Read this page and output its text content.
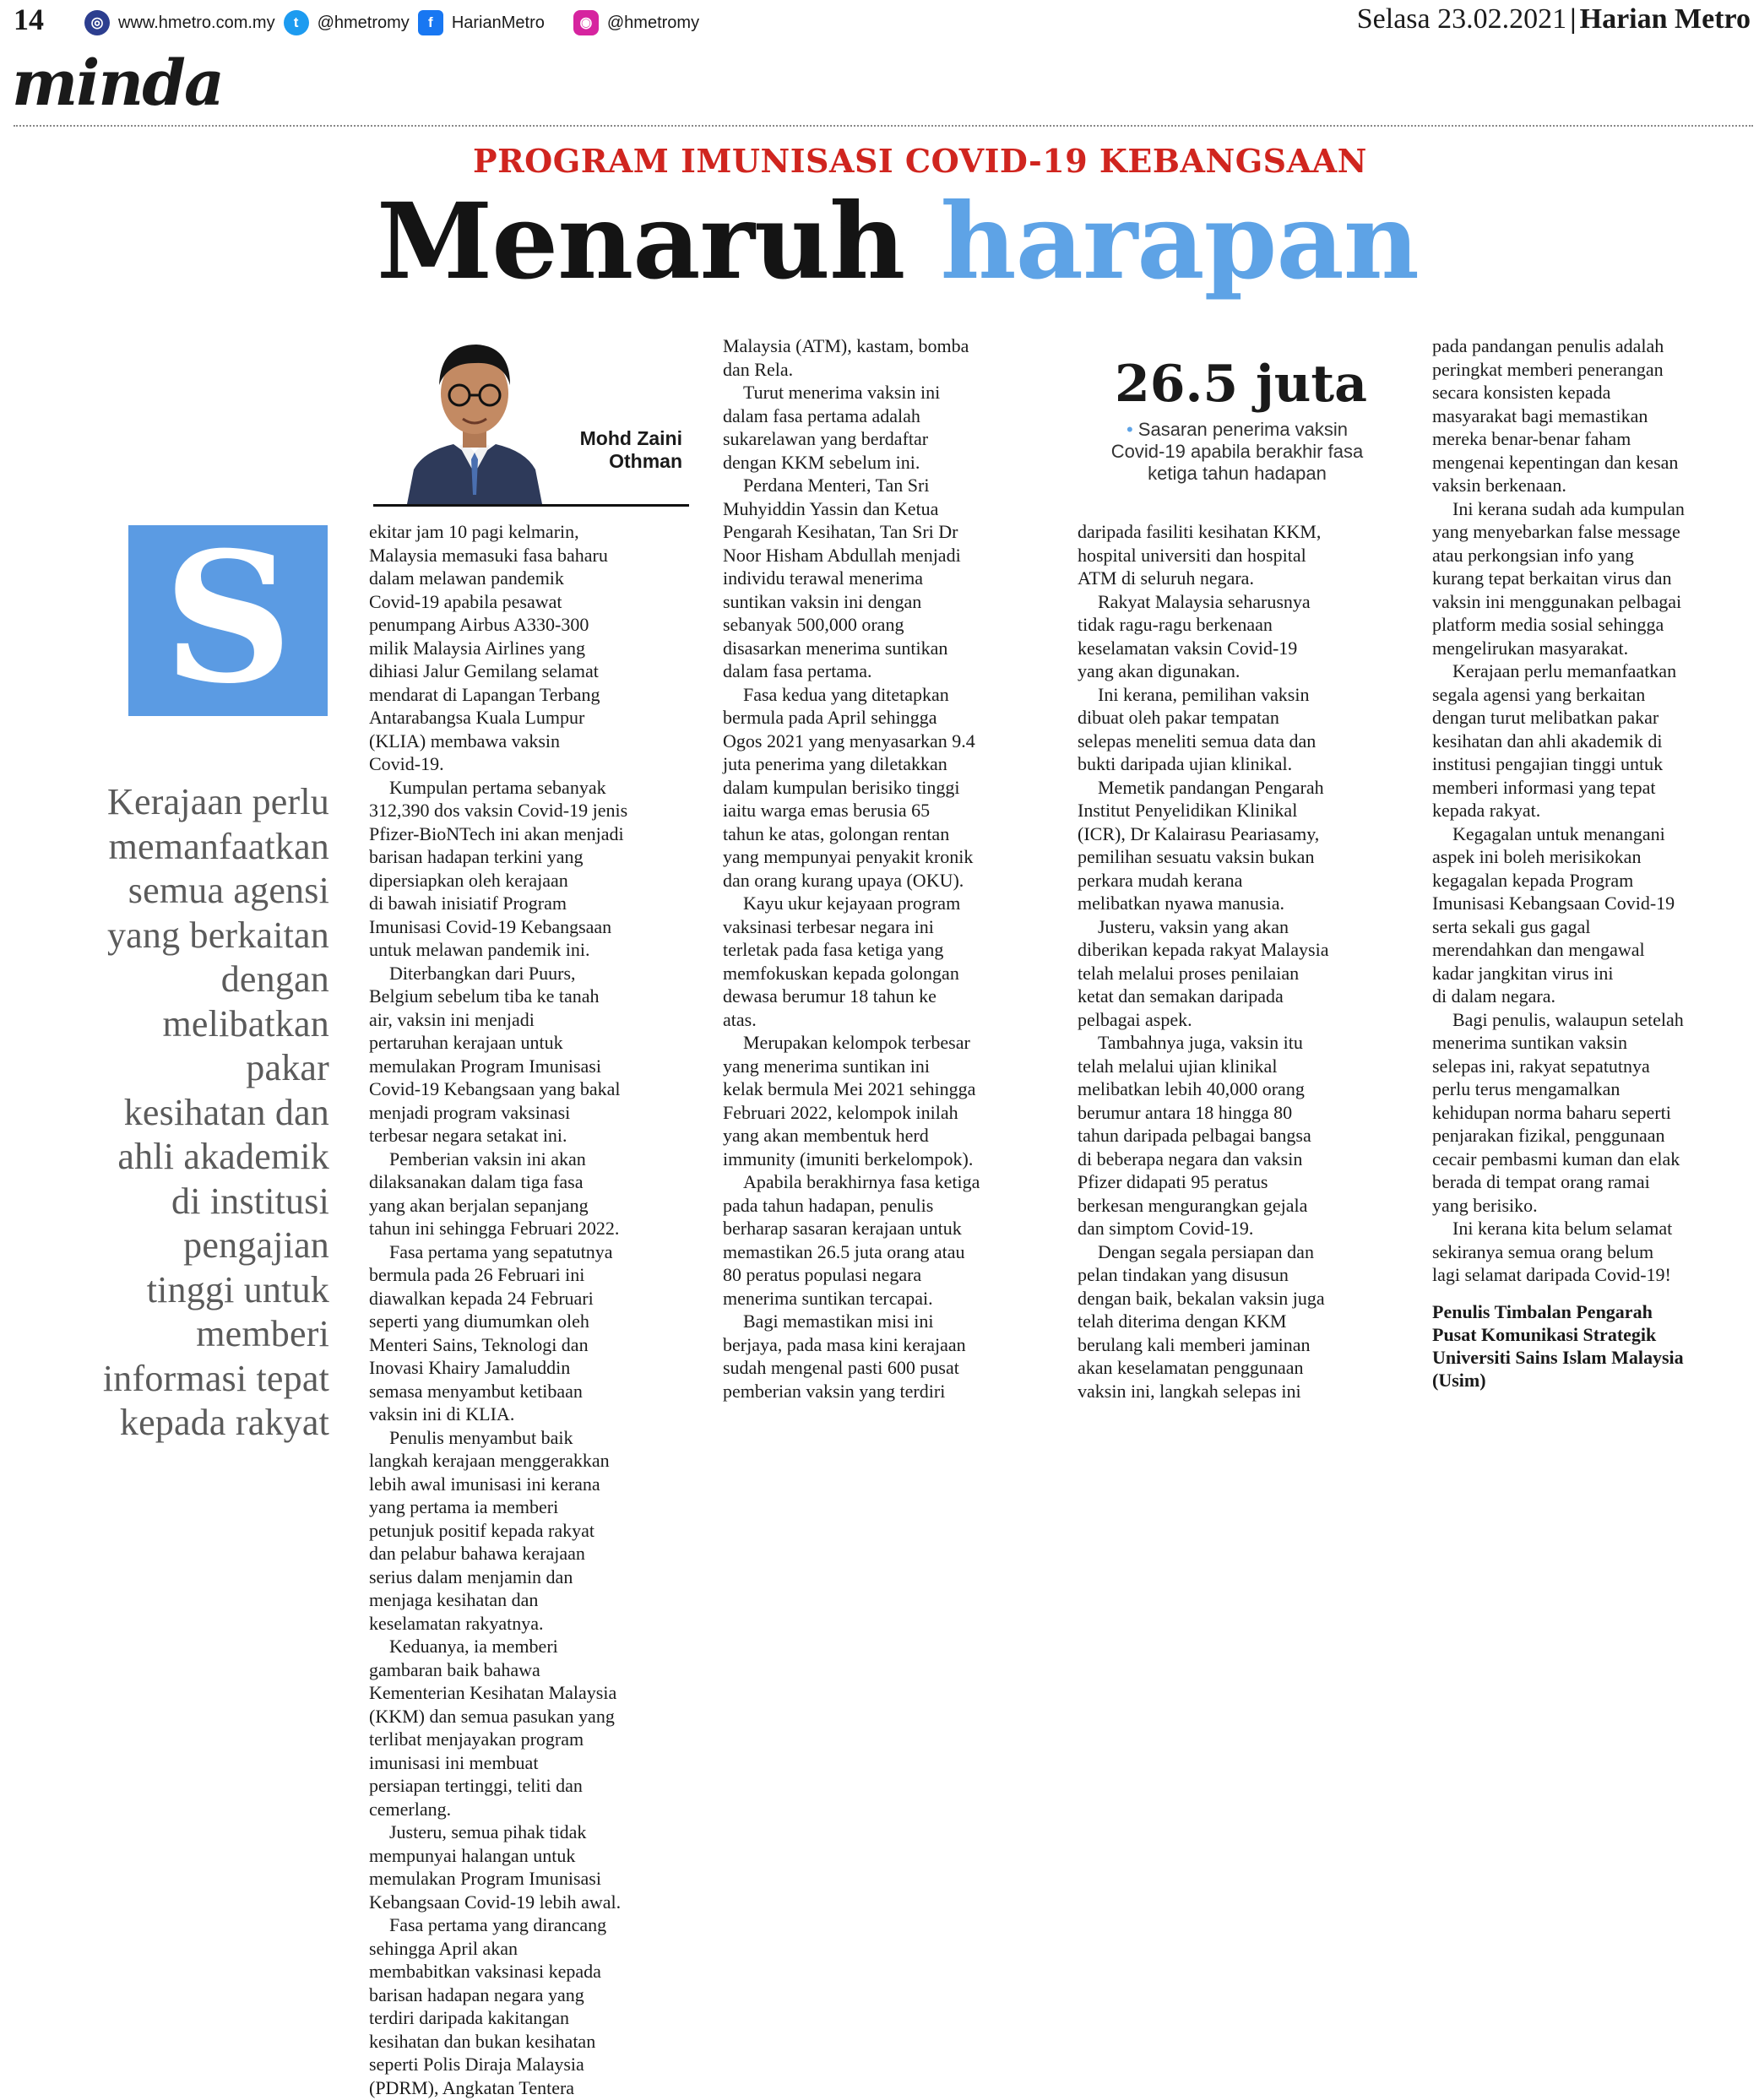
14	◎ www.hmetro.com.my	t	@hmetromy	f	HarianMetro	◉ @hmetromy	Selasa 23.02.2021 | Harian Metro
minda
PROGRAM IMUNISASI COVID-19 KEBANGSAAN
Menaruh harapan
Mohd Zaini
Othman
S
Kerajaan perlu
memanfaatkan
semua agensi
yang berkaitan
dengan
melibatkan
pakar
kesihatan dan
ahli akademik
di institusi
pengajian
tinggi untuk
memberi
informasi tepat
kepada rakyat

ekitar jam 10 pagi kelmarin,
Malaysia memasuki fasa baharu
dalam melawan pandemik
Covid-19 apabila pesawat
penumpang Airbus A330-300
milik Malaysia Airlines yang
dihiasi Jalur Gemilang selamat
mendarat di Lapangan Terbang
Antarabangsa Kuala Lumpur
(KLIA) membawa vaksin
Covid-19.

Kumpulan pertama sebanyak
312,390 dos vaksin Covid-19 jenis
Pfizer-BioNTech ini akan menjadi
barisan hadapan terkini yang
dipersiapkan oleh kerajaan
di bawah inisiatif Program
Imunisasi Covid-19 Kebangsaan
untuk melawan pandemik ini.

Diterbangkan dari Puurs,
Belgium sebelum tiba ke tanah
air, vaksin ini menjadi
pertaruhan kerajaan untuk
memulakan Program Imunisasi
Covid-19 Kebangsaan yang bakal
menjadi program vaksinasi
terbesar negara setakat ini.

Pemberian vaksin ini akan
dilaksanakan dalam tiga fasa
yang akan berjalan sepanjang
tahun ini sehingga Februari 2022.

Fasa pertama yang sepatutnya
bermula pada 26 Februari ini
diawalkan kepada 24 Februari
seperti yang diumumkan oleh
Menteri Sains, Teknologi dan
Inovasi Khairy Jamaluddin
semasa menyambut ketibaan
vaksin ini di KLIA.

Penulis menyambut baik
langkah kerajaan menggerakkan
lebih awal imunisasi ini kerana
yang pertama ia memberi
petunjuk positif kepada rakyat
dan pelabur bahawa kerajaan
serius dalam menjamin dan
menjaga kesihatan dan
keselamatan rakyatnya.

Keduanya, ia memberi
gambaran baik bahawa
Kementerian Kesihatan Malaysia
(KKM) dan semua pasukan yang
terlibat menjayakan program
imunisasi ini membuat
persiapan tertinggi, teliti dan
cemerlang.

Justeru, semua pihak tidak
mempunyai halangan untuk
memulakan Program Imunisasi
Kebangsaan Covid-19 lebih awal.

Fasa pertama yang dirancang
sehingga April akan
membabitkan vaksinasi kepada
barisan hadapan negara yang
terdiri daripada kakitangan
kesihatan dan bukan kesihatan
seperti Polis Diraja Malaysia
(PDRM), Angkatan Tentera

Malaysia (ATM), kastam, bomba
dan Rela.

Turut menerima vaksin ini
dalam fasa pertama adalah
sukarelawan yang berdaftar
dengan KKM sebelum ini.

Perdana Menteri, Tan Sri
Muhyiddin Yassin dan Ketua
Pengarah Kesihatan, Tan Sri Dr
Noor Hisham Abdullah menjadi
individu terawal menerima
suntikan vaksin ini dengan
sebanyak 500,000 orang
disasarkan menerima suntikan
dalam fasa pertama.

Fasa kedua yang ditetapkan
bermula pada April sehingga
Ogos 2021 yang menyasarkan 9.4
juta penerima yang diletakkan
dalam kumpulan berisiko tinggi
iaitu warga emas berusia 65
tahun ke atas, golongan rentan
yang mempunyai penyakit kronik
dan orang kurang upaya (OKU).

Kayu ukur kejayaan program
vaksinasi terbesar negara ini
terletak pada fasa ketiga yang
memfokuskan kepada golongan
dewasa berumur 18 tahun ke
atas.

Merupakan kelompok terbesar
yang menerima suntikan ini
kelak bermula Mei 2021 sehingga
Februari 2022, kelompok inilah
yang akan membentuk herd
immunity (imuniti berkelompok).

Apabila berakhirnya fasa ketiga
pada tahun hadapan, penulis
berharap sasaran kerajaan untuk
memastikan 26.5 juta orang atau
80 peratus populasi negara
menerima suntikan tercapai.

Bagi memastikan misi ini
berjaya, pada masa kini kerajaan
sudah mengenal pasti 600 pusat
pemberian vaksin yang terdiri

26.5 juta
• Sasaran penerima vaksin Covid-19 apabila berakhir fasa ketiga tahun hadapan

daripada fasiliti kesihatan KKM,
hospital universiti dan hospital
ATM di seluruh negara.

Rakyat Malaysia seharusnya
tidak ragu-ragu berkenaan
keselamatan vaksin Covid-19
yang akan digunakan.

Ini kerana, pemilihan vaksin
dibuat oleh pakar tempatan
selepas meneliti semua data dan
bukti daripada ujian klinikal.

Memetik pandangan Pengarah
Institut Penyelidikan Klinikal
(ICR), Dr Kalairasu Peariasamy,
pemilihan sesuatu vaksin bukan
perkara mudah kerana
melibatkan nyawa manusia.

Justeru, vaksin yang akan
diberikan kepada rakyat Malaysia
telah melalui proses penilaian
ketat dan semakan daripada
pelbagai aspek.

Tambahnya juga, vaksin itu
telah melalui ujian klinikal
melibatkan lebih 40,000 orang
berumur antara 18 hingga 80
tahun daripada pelbagai bangsa
di beberapa negara dan vaksin
Pfizer didapati 95 peratus
berkesan mengurangkan gejala
dan simptom Covid-19.

Dengan segala persiapan dan
pelan tindakan yang disusun
dengan baik, bekalan vaksin juga
telah diterima dengan KKM
berulang kali memberi jaminan
akan keselamatan penggunaan
vaksin ini, langkah selepas ini

pada pandangan penulis adalah
peringkat memberi penerangan
secara konsisten kepada
masyarakat bagi memastikan
mereka benar-benar faham
mengenai kepentingan dan kesan
vaksin berkenaan.

Ini kerana sudah ada kumpulan
yang menyebarkan false message
atau perkongsian info yang
kurang tepat berkaitan virus dan
vaksin ini menggunakan pelbagai
platform media sosial sehingga
mengelirukan masyarakat.

Kerajaan perlu memanfaatkan
segala agensi yang berkaitan
dengan turut melibatkan pakar
kesihatan dan ahli akademik di
institusi pengajian tinggi untuk
memberi informasi yang tepat
kepada rakyat.

Kegagalan untuk menangani
aspek ini boleh merisikokan
kegagalan kepada Program
Imunisasi Kebangsaan Covid-19
serta sekali gus gagal
merendahkan dan mengawal
kadar jangkitan virus ini
di dalam negara.

Bagi penulis, walaupun setelah
menerima suntikan vaksin
selepas ini, rakyat sepatutnya
perlu terus mengamalkan
kehidupan norma baharu seperti
penjarakan fizikal, penggunaan
cecair pembasmi kuman dan elak
berada di tempat orang ramai
yang berisiko.

Ini kerana kita belum selamat
sekiranya semua orang belum
lagi selamat daripada Covid-19!

Penulis Timbalan Pengarah
Pusat Komunikasi Strategik
Universiti Sains Islam Malaysia
(Usim)
